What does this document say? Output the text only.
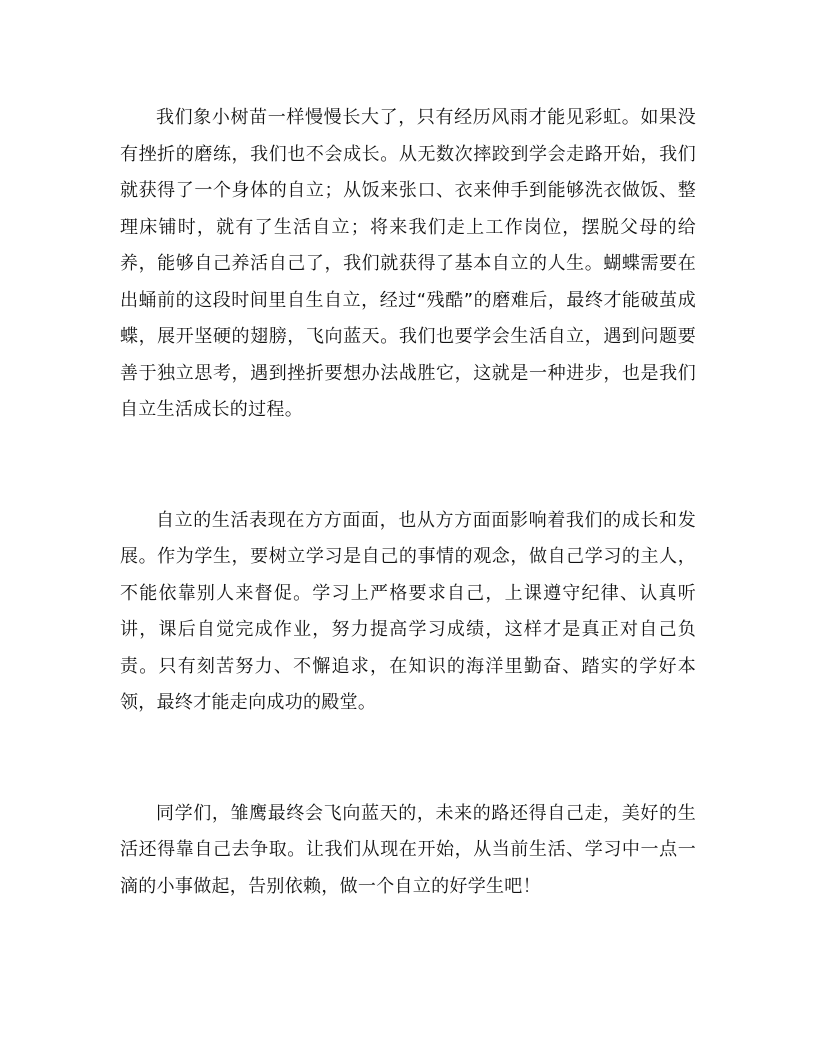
我们象小树苗一样慢慢长大了，只有经历风雨才能见彩虹。如果没有挫折的磨练，我们也不会成长。从无数次摔跤到学会走路开始，我们就获得了一个身体的自立；从饭来张口、衣来伸手到能够洗衣做饭、整理床铺时，就有了生活自立；将来我们走上工作岗位，摆脱父母的给养，能够自己养活自己了，我们就获得了基本自立的人生。蝴蝶需要在出蛹前的这段时间里自生自立，经过“残酷”的磨难后，最终才能破茧成蝶，展开坚硬的翅膀，飞向蓝天。我们也要学会生活自立，遇到问题要善于独立思考，遇到挫折要想办法战胜它，这就是一种进步，也是我们自立生活成长的过程。

自立的生活表现在方方面面，也从方方面面影响着我们的成长和发展。作为学生，要树立学习是自己的事情的观念，做自己学习的主人，不能依靠别人来督促。学习上严格要求自己，上课遵守纪律、认真听讲，课后自觉完成作业，努力提高学习成绩，这样才是真正对自己负责。只有刻苦努力、不懈追求，在知识的海洋里勤奋、踏实的学好本领，最终才能走向成功的殿堂。

同学们，雏鹰最终会飞向蓝天的，未来的路还得自己走，美好的生活还得靠自己去争取。让我们从现在开始，从当前生活、学习中一点一滴的小事做起，告别依赖，做一个自立的好学生吧！
